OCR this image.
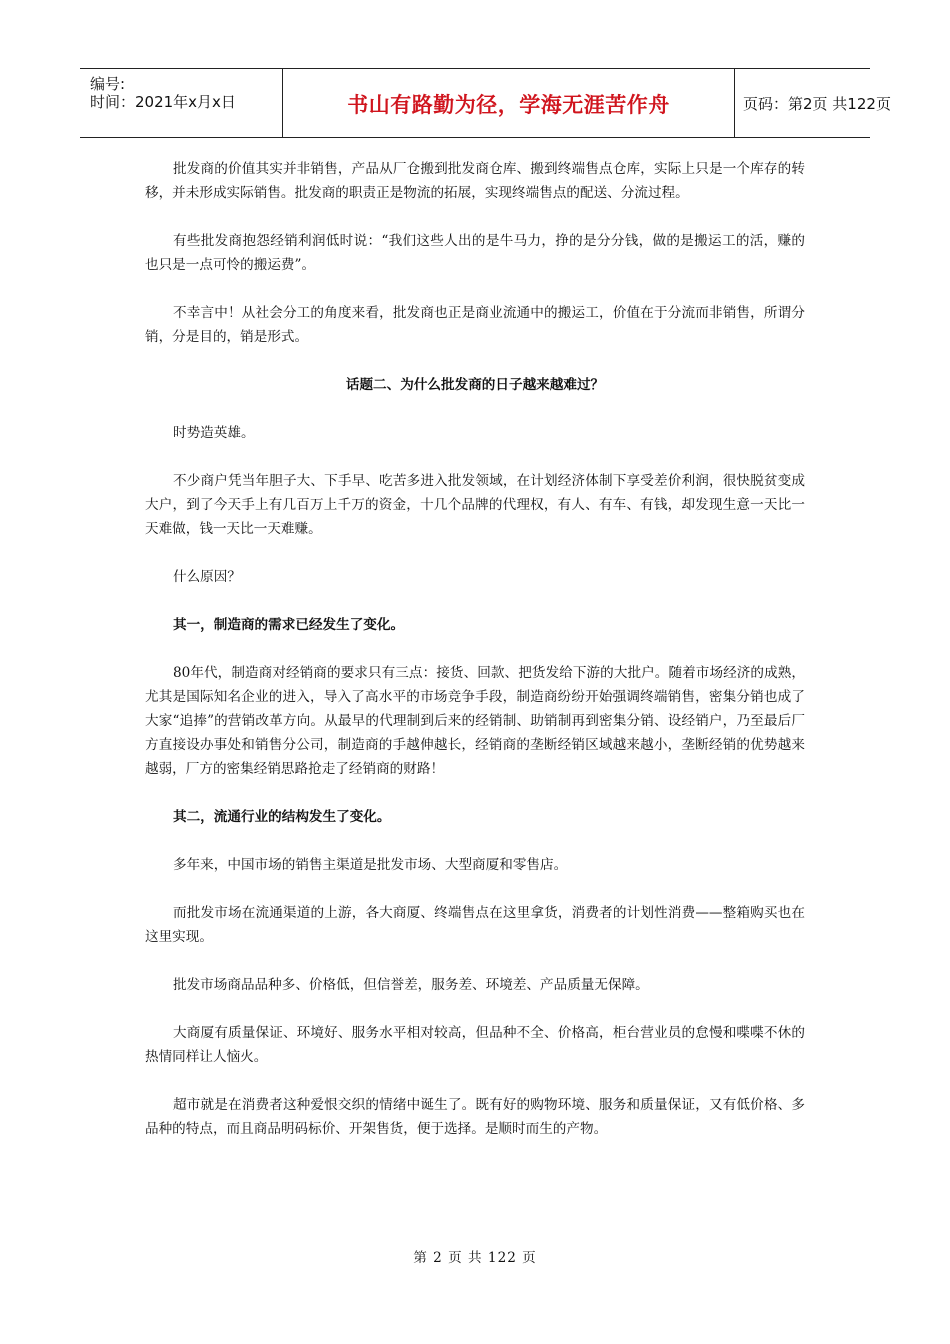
编号:
时间：2021年x月x日	书山有路勤为径，学海无涯苦作舟	页码：第2页 共122页

批发商的价值其实并非销售，产品从厂仓搬到批发商仓库、搬到终端售点仓库，实际上只是一个库存的转移，并未形成实际销售。批发商的职责正是物流的拓展，实现终端售点的配送、分流过程。

有些批发商抱怨经销利润低时说：“我们这些人出的是牛马力，挣的是分分钱，做的是搬运工的活，赚的也只是一点可怜的搬运费”。

不幸言中！从社会分工的角度来看，批发商也正是商业流通中的搬运工，价值在于分流而非销售，所谓分销，分是目的，销是形式。

话题二、为什么批发商的日子越来越难过？

时势造英雄。

不少商户凭当年胆子大、下手早、吃苦多进入批发领域，在计划经济体制下享受差价利润，很快脱贫变成大户，到了今天手上有几百万上千万的资金，十几个品牌的代理权，有人、有车、有钱，却发现生意一天比一天难做，钱一天比一天难赚。

什么原因？

其一，制造商的需求已经发生了变化。

80年代，制造商对经销商的要求只有三点：接货、回款、把货发给下游的大批户。随着市场经济的成熟，尤其是国际知名企业的进入，导入了高水平的市场竞争手段，制造商纷纷开始强调终端销售，密集分销也成了大家“追捧”的营销改革方向。从最早的代理制到后来的经销制、助销制再到密集分销、设经销户，乃至最后厂方直接设办事处和销售分公司，制造商的手越伸越长，经销商的垄断经销区域越来越小，垄断经销的优势越来越弱，厂方的密集经销思路抢走了经销商的财路！

其二，流通行业的结构发生了变化。

多年来，中国市场的销售主渠道是批发市场、大型商厦和零售店。

而批发市场在流通渠道的上游，各大商厦、终端售点在这里拿货，消费者的计划性消费——整箱购买也在这里实现。

批发市场商品品种多、价格低，但信誉差，服务差、环境差、产品质量无保障。

大商厦有质量保证、环境好、服务水平相对较高，但品种不全、价格高，柜台营业员的怠慢和喋喋不休的热情同样让人恼火。

超市就是在消费者这种爱恨交织的情绪中诞生了。既有好的购物环境、服务和质量保证，又有低价格、多品种的特点，而且商品明码标价、开架售货，便于选择。是顺时而生的产物。

第 2 页 共 122 页
